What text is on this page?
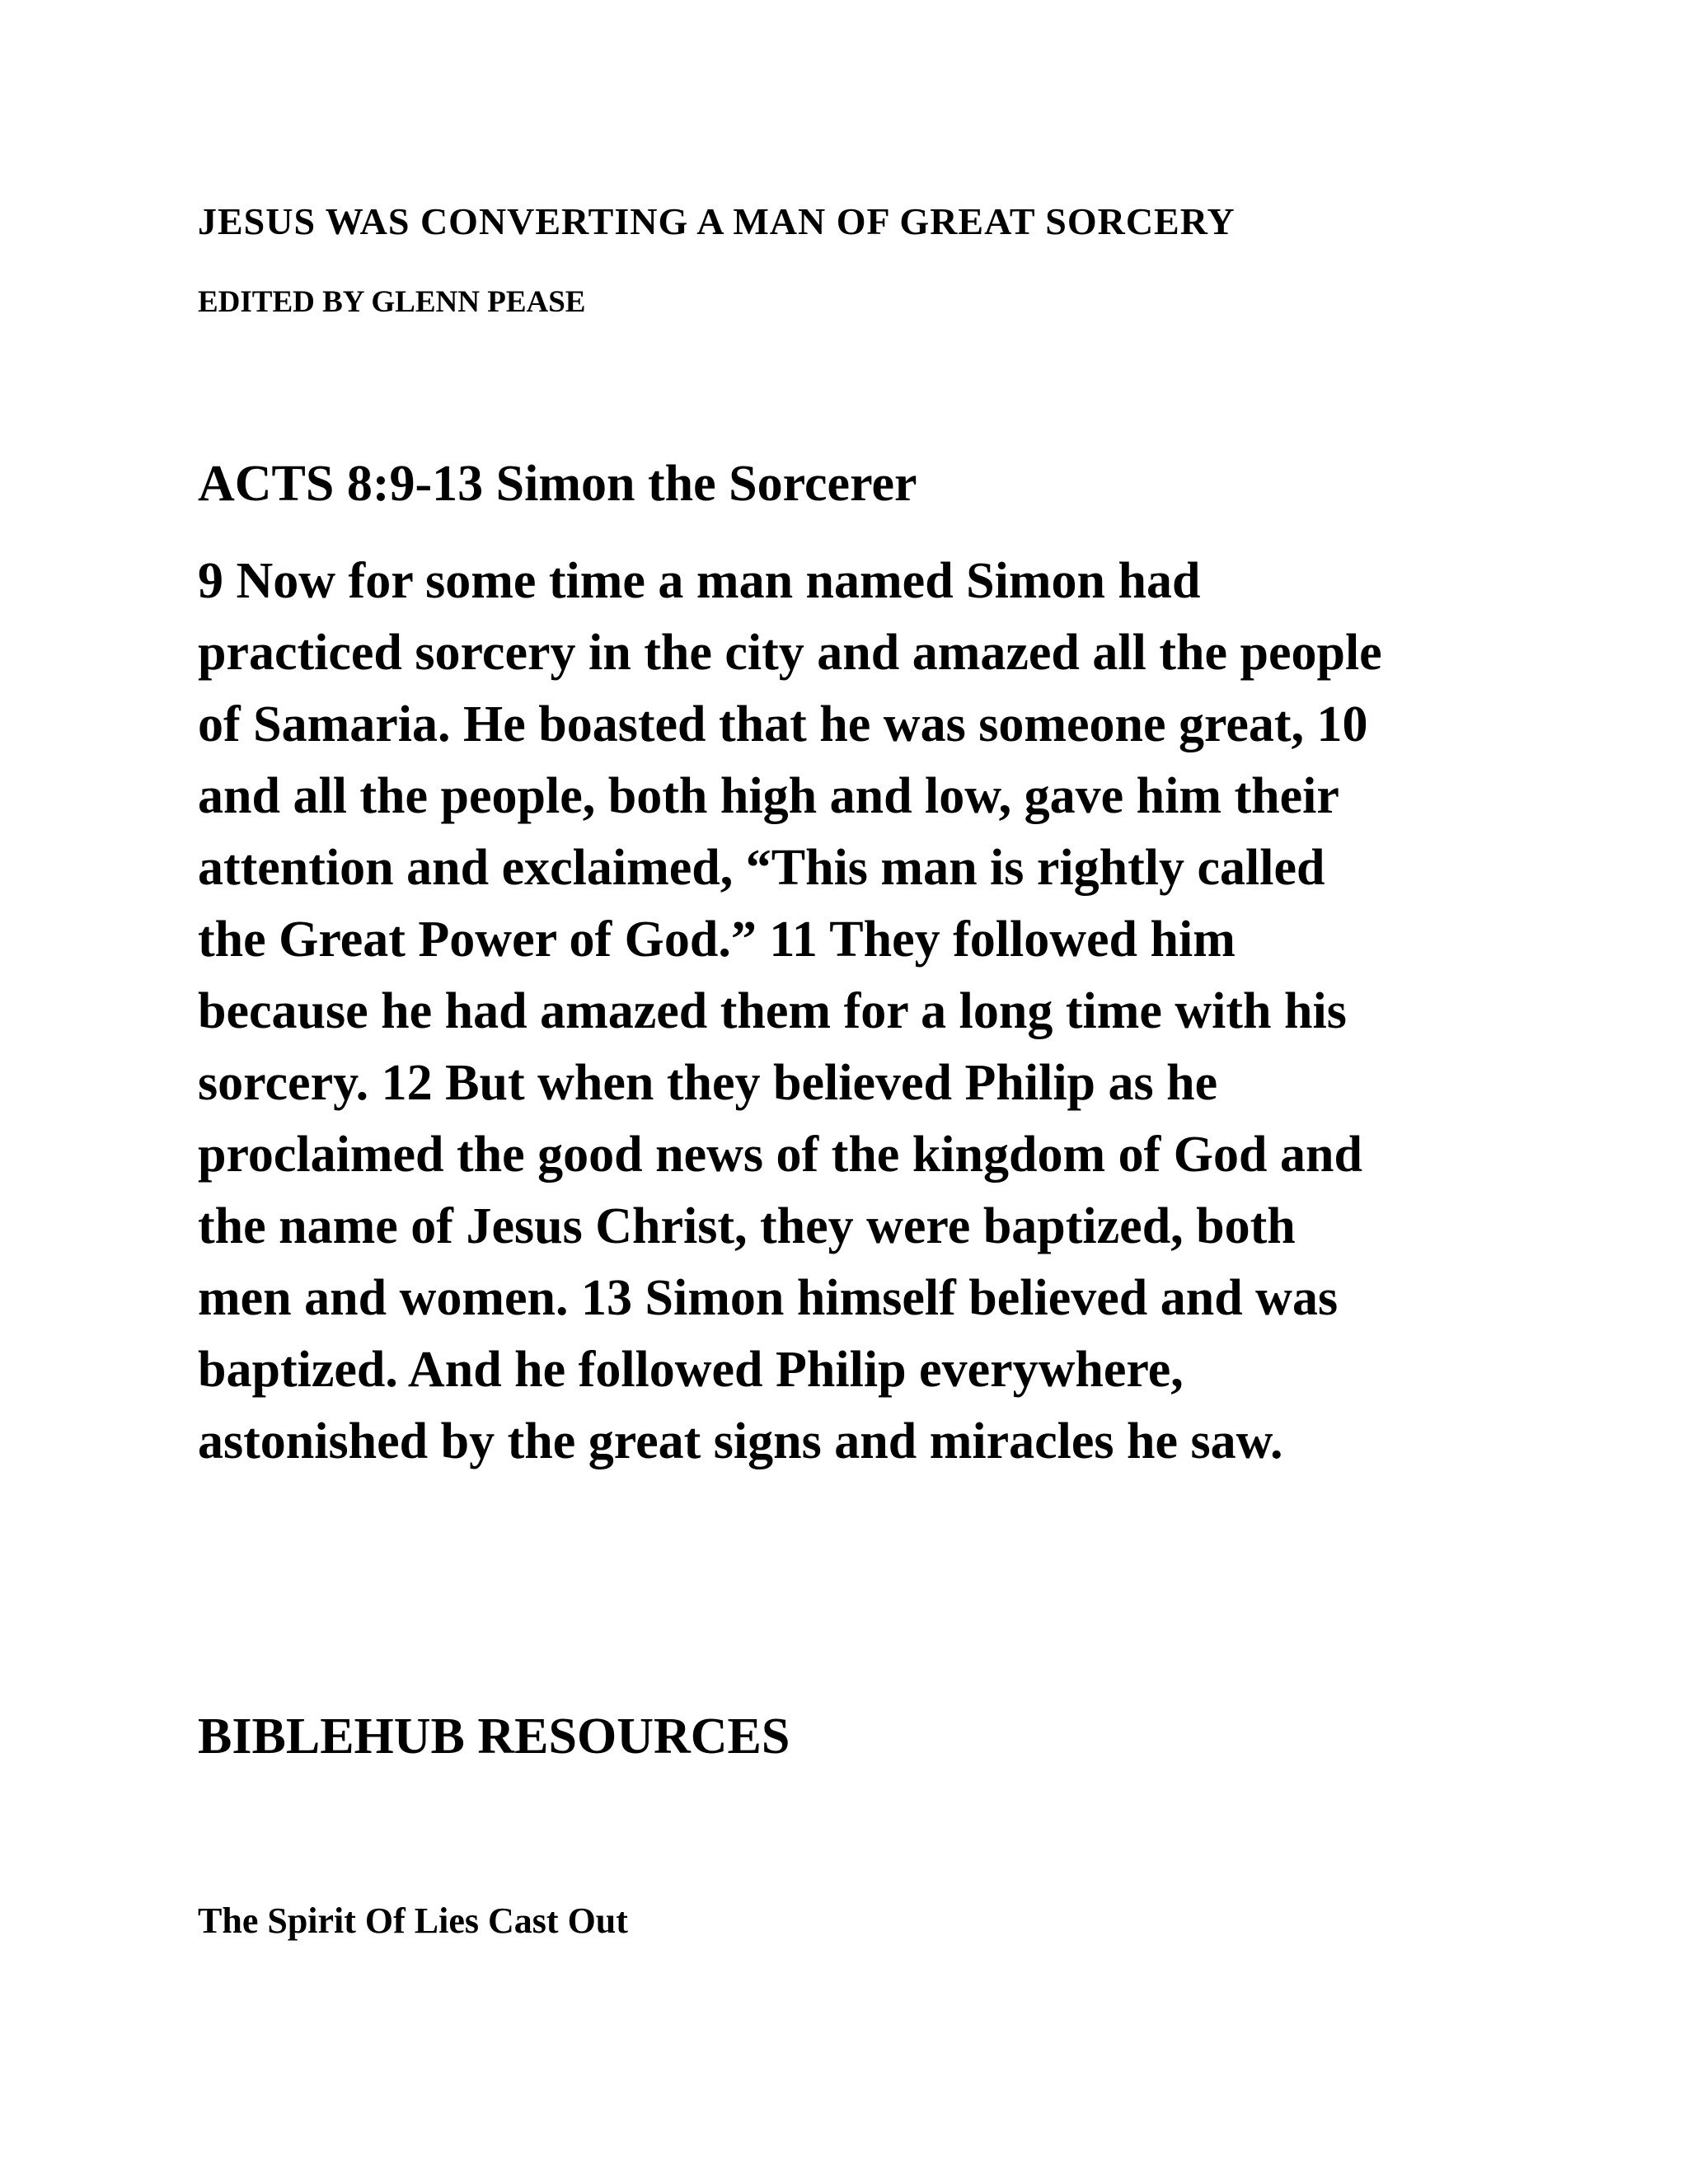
JESUS WAS CONVERTING A MAN OF GREAT SORCERY

EDITED BY GLENN PEASE

ACTS 8:9-13 Simon the Sorcerer

9 Now for some time a man named Simon had
practiced sorcery in the city and amazed all the people
of Samaria. He boasted that he was someone great, 10
and all the people, both high and low, gave him their
attention and exclaimed, “This man is rightly called
the Great Power of God.” 11 They followed him
because he had amazed them for a long time with his
sorcery. 12 But when they believed Philip as he
proclaimed the good news of the kingdom of God and
the name of Jesus Christ, they were baptized, both
men and women. 13 Simon himself believed and was
baptized. And he followed Philip everywhere,
astonished by the great signs and miracles he saw.

BIBLEHUB RESOURCES
The Spirit Of Lies Cast Out
